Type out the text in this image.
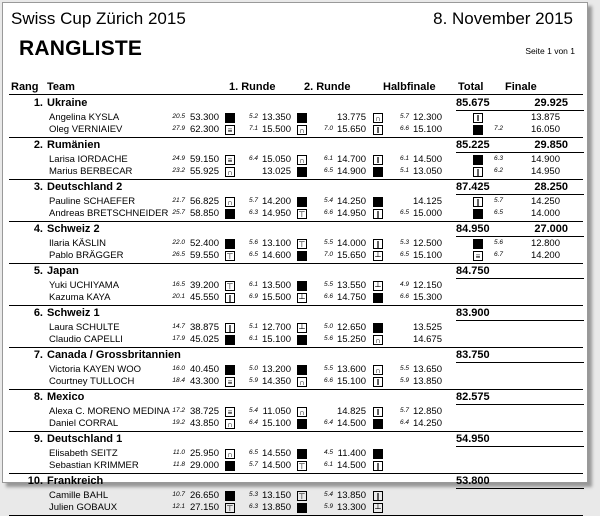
Swiss Cup Zürich 2015	8. November 2015
RANGLISTE	Seite 1 von 1
Rang Team	1. Runde	2. Runde	Halbfinale Total Finale
1. Ukraine	85.675	29.925
Angelina KYSLA	20.5 53.300	5.2 13.350	13.775 ∩	5.7 12.300	‖	13.875
Oleg VERNIAIEV	27.9 62.300	≡	7.1 15.500 ∩	7.0 15.650	‖	6.6 15.100	7.2	16.050
2. Rumänien	85.225	29.850
Larisa IORDACHE	24.9 59.150	≡	6.4 15.050 ∩	6.1 14.700	‖	6.1 14.500	6.3	14.900
Marius BERBECAR	23.2 55.925 ∩	13.025	6.5 14.900	5.1 13.050	∥	6.2	14.950
3. Deutschland 2	87.425	28.250
Pauline SCHAEFER	21.7 56.825 ∩	5.7 14.200	5.4 14.250	14.125	∥	5.7	14.250
Andreas BRETSCHNEIDER 25.7 58.850	6.3 14.950 ⊤	6.6 14.950	∥	6.5 15.000	6.5	14.000
4. Schweiz 2	84.950	27.000
Ilaria KÄSLIN	22.0 52.400	5.6 13.100 ⊤	5.5 14.000	∥	5.3 12.500	5.6	12.800
Pablo BRÄGGER	26.5 59.550 ⊤	6.5 14.600	7.0 15.650 ┴	6.5 15.100	≡	6.7	14.200
5. Japan	84.750
Yuki UCHIYAMA	16.5 39.200 ⊤	6.1 13.500	5.5 13.550 ┴	4.9 12.150
Kazuma KAYA	20.1 45.550	∥	6.9 15.500 ┴	6.6 14.750	6.6 15.300
6. Schweiz 1	83.900
Laura SCHULTE	14.7 38.875	∥	5.1 12.700 ┴	5.0 12.650	13.525
Claudio CAPELLI	17.9 45.025	6.1 15.100	5.6 15.250 ∩	14.675
7. Canada / Grossbritannien	83.750
Victoria KAYEN WOO	16.0 40.450	5.0 13.200	5.5 13.600 ∩	5.5 13.650
Courtney TULLOCH	18.4 43.300	≡	5.9 14.350 ∩	6.6 15.100	‖	5.9 13.850
8. Mexico	82.575
Alexa C. MORENO MEDINA 17.2 38.725	≡	5.4 11.050 ∩	14.825	‖	5.7 12.850
Daniel CORRAL	19.2 43.850 ∩	6.4 15.100	6.4 14.500	6.4 14.250
9. Deutschland 1	54.950
Elisabeth SEITZ	11.0 25.950 ∩	6.5 14.550	4.5 11.400
Sebastian KRIMMER	11.8 29.000	5.7 14.500 ⊤	6.1 14.500	∥
10. Frankreich	53.800
Camille BAHL	10.7 26.650	5.3 13.150 ⊤	5.4 13.850	∥
Julien GOBAUX	12.1 27.150 ⊤	6.3 13.850	5.9 13.300 ┴
